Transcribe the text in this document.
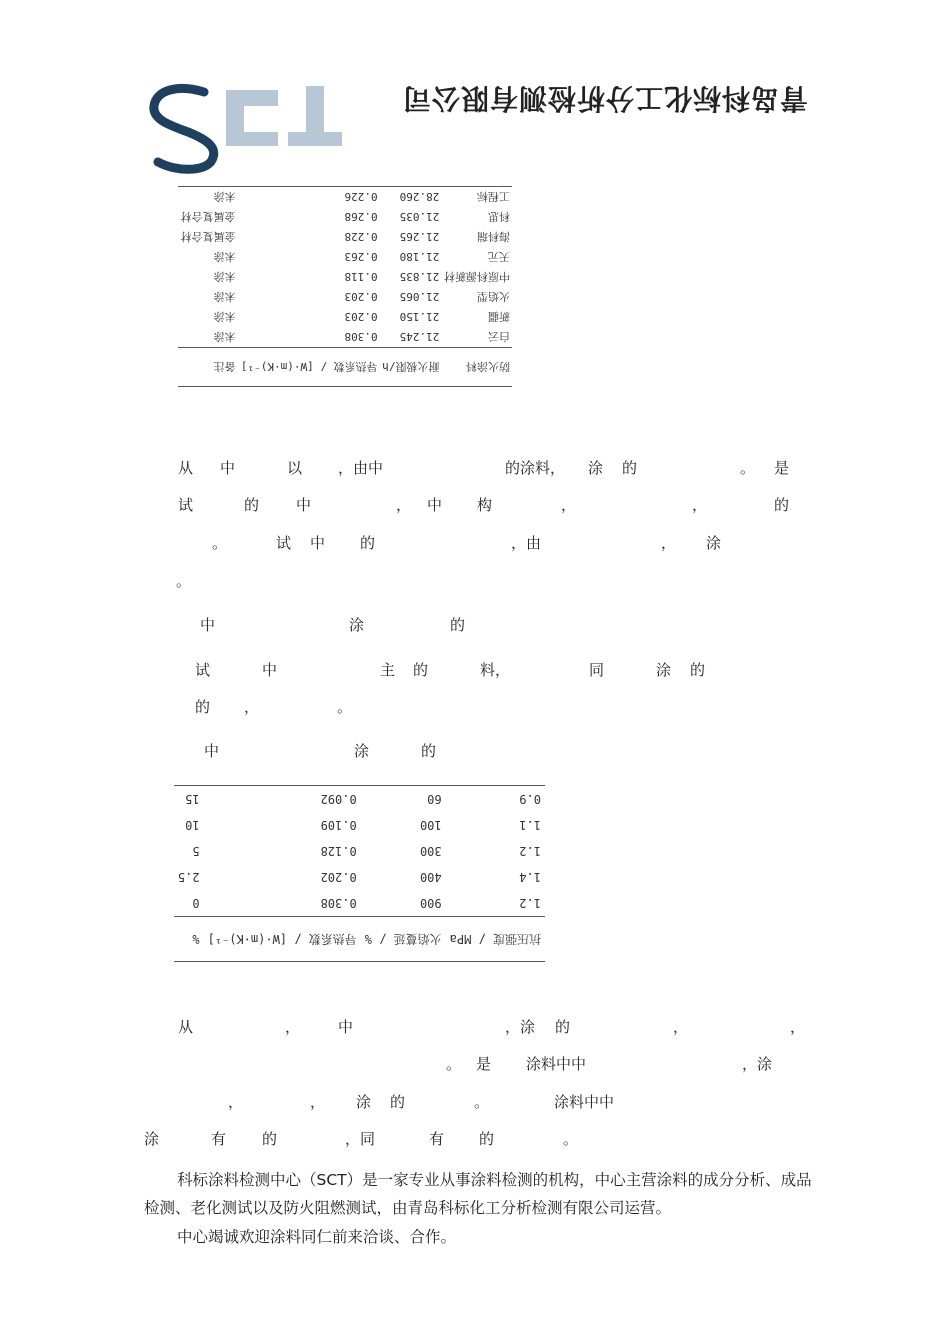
青岛科标化工分析检测有限公司
防火涂料	耐火极限/h	导热系数 / [W·(m·K)⁻¹]	备注
白云	21.245	0.308	未涂
新疆	21.150	0.203	未涂
火焰型	21.065	0.203	未涂
中原科源新材	21.835	0.118	未涂
天元	21.180	0.263	未涂
海科瑞	21.265	0.228	金属复合材
科思	21.035	0.268	金属复合材
工程标	28.260	0.226	未涂
从 中	以 ，由中	的涂料， 涂 的	。 是
试	的 中	， 中 构	，	，	的
。	试 中 的	，由	， 涂
。
中	涂	的
试	中	主 的	料，	同	涂 的
的 ，	。
中	涂	的
抗压强度 / MPa	火焰蔓延 / %	导热系数 / [W·(m·K)⁻¹]	%
1.2	900	0.308	0
1.4	400	0.202	2.5
1.2	300	0.128	5
1.1	100	0.109	10
0.9	60	0.092	15
从	，	中	，涂 的	，	，
。 是 涂料中中	，涂
，	， 涂 的	。	涂料中中
涂	有 的	，同	有 的	。

科标涂料检测中心（SCT）是一家专业从事涂料检测的机构，中心主营涂料的成分分析、成品检测、老化测试以及防火阻燃测试，由青岛科标化工分析检测有限公司运营。

中心竭诚欢迎涂料同仁前来洽谈、合作。
